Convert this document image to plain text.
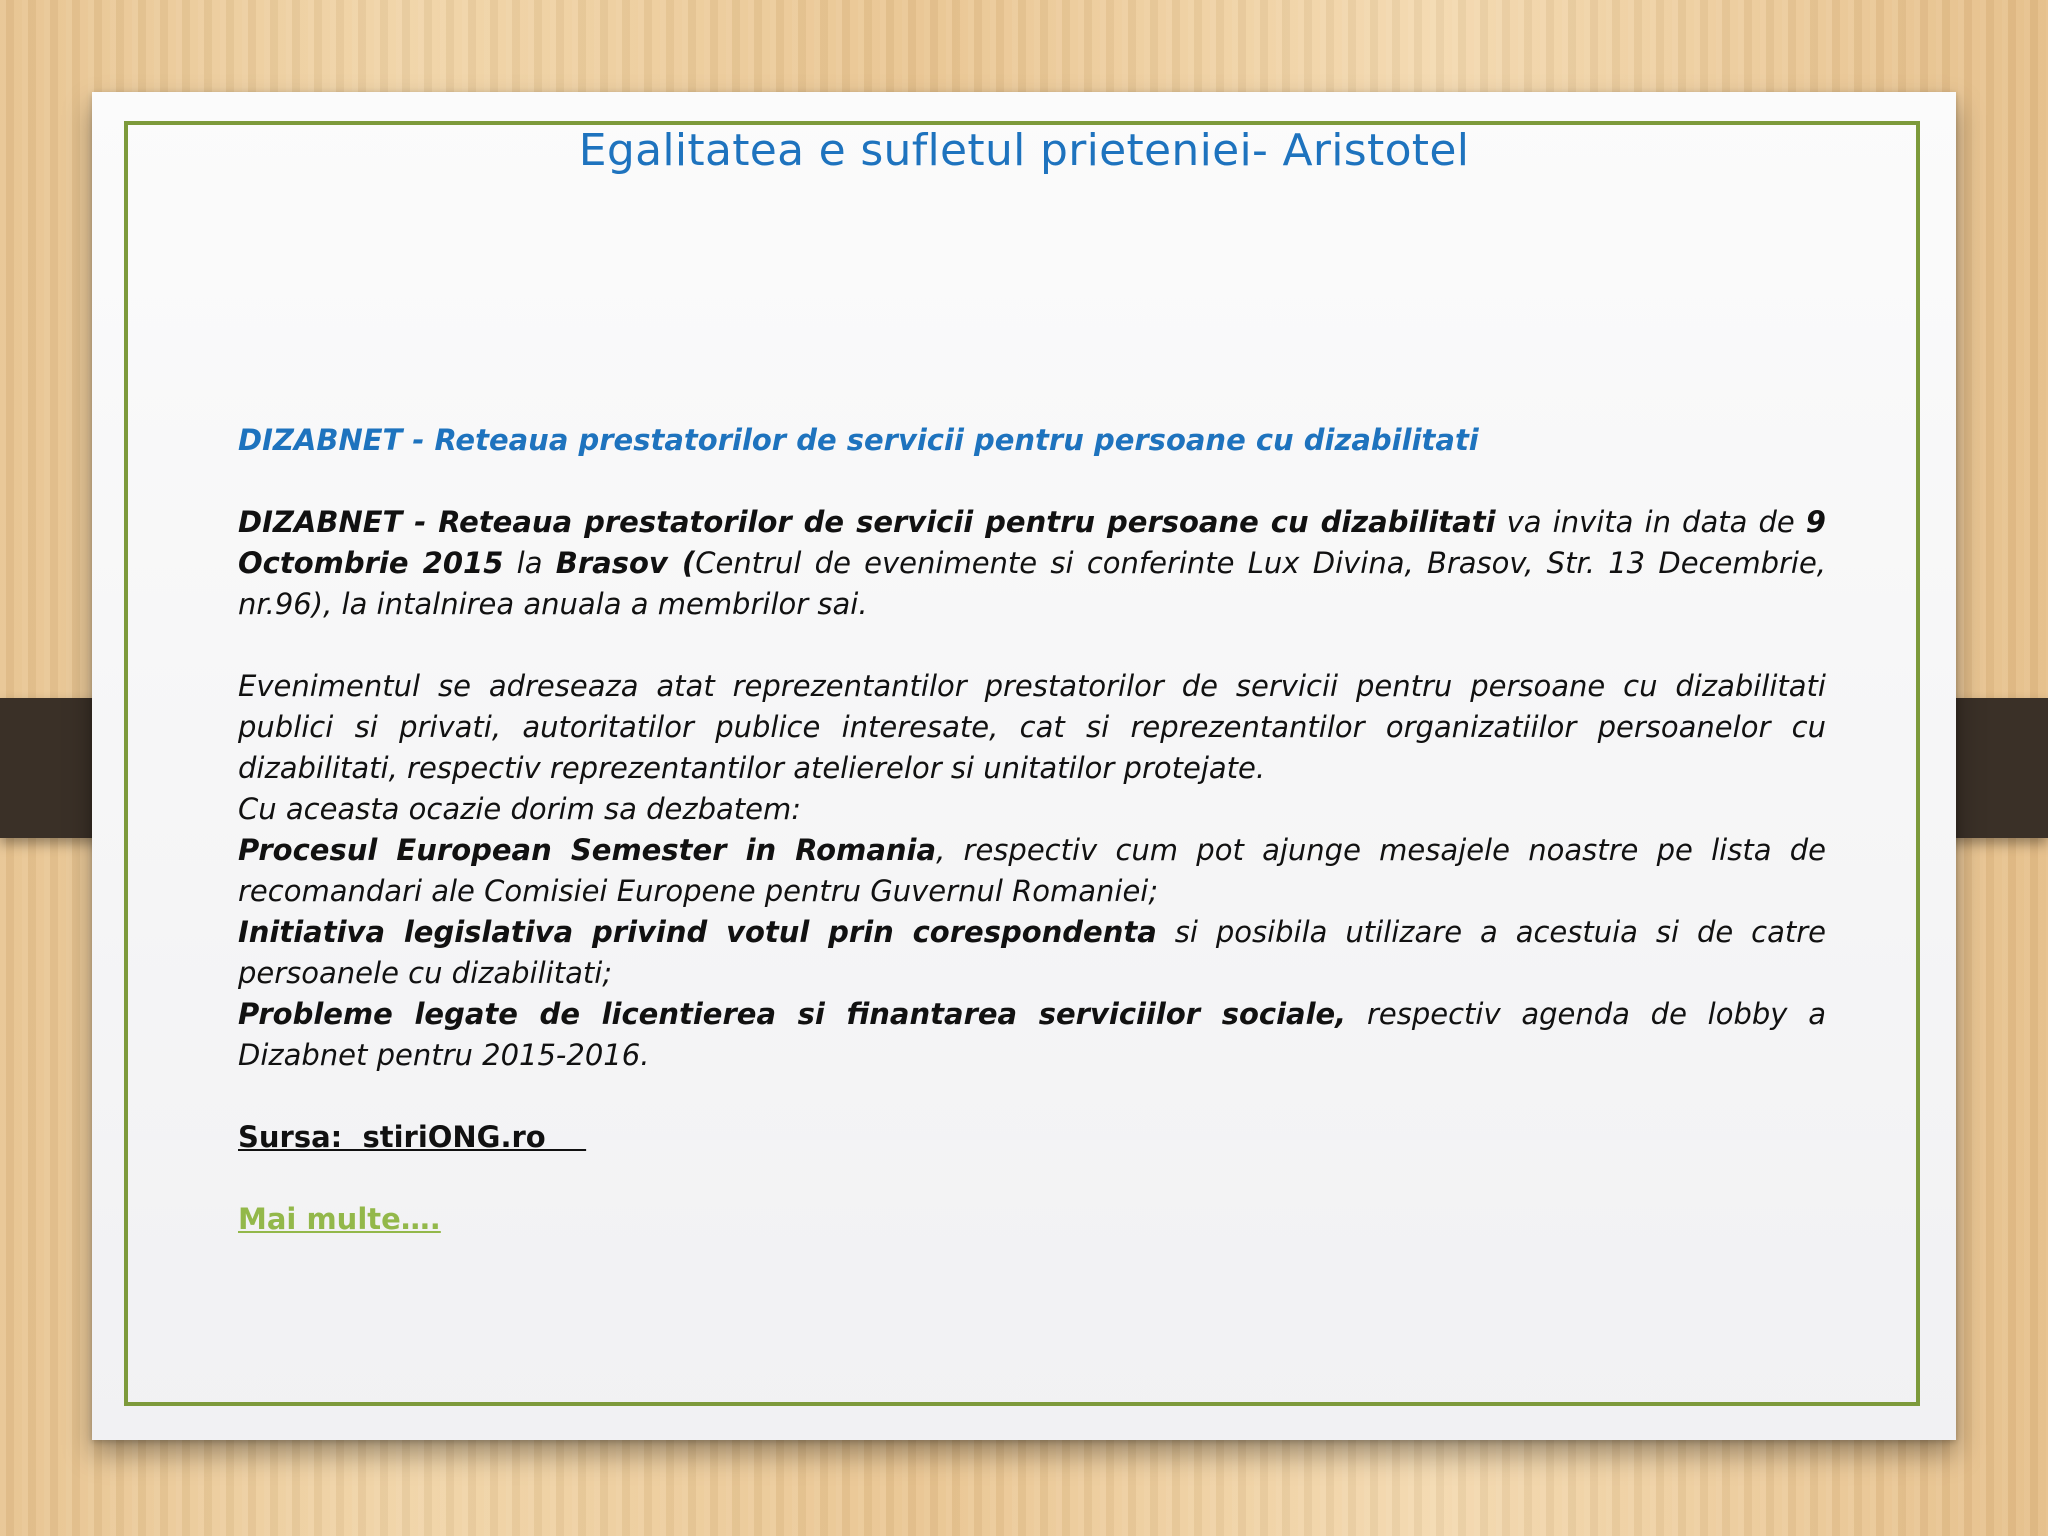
Egalitatea e sufletul prieteniei- Aristotel

DIZABNET - Reteaua prestatorilor de servicii pentru persoane cu dizabilitati

DIZABNET - Reteaua prestatorilor de servicii pentru persoane cu dizabilitati va invita in data de 9 Octombrie 2015 la Brasov (Centrul de evenimente si conferinte Lux Divina, Brasov, Str. 13 Decembrie, nr.96), la intalnirea anuala a membrilor sai.

Evenimentul se adreseaza atat reprezentantilor prestatorilor de servicii pentru persoane cu dizabilitati publici si privati, autoritatilor publice interesate, cat si reprezentantilor organizatiilor persoanelor cu dizabilitati, respectiv reprezentantilor atelierelor si unitatilor protejate.

Cu aceasta ocazie dorim sa dezbatem:

Procesul European Semester in Romania, respectiv cum pot ajunge mesajele noastre pe lista de recomandari ale Comisiei Europene pentru Guvernul Romaniei;

Initiativa legislativa privind votul prin corespondenta si posibila utilizare a acestuia si de catre persoanele cu dizabilitati;

Probleme legate de licentierea si finantarea serviciilor sociale, respectiv agenda de lobby a Dizabnet pentru 2015-2016.

Sursa:  stiriONG.ro

Mai multe….
